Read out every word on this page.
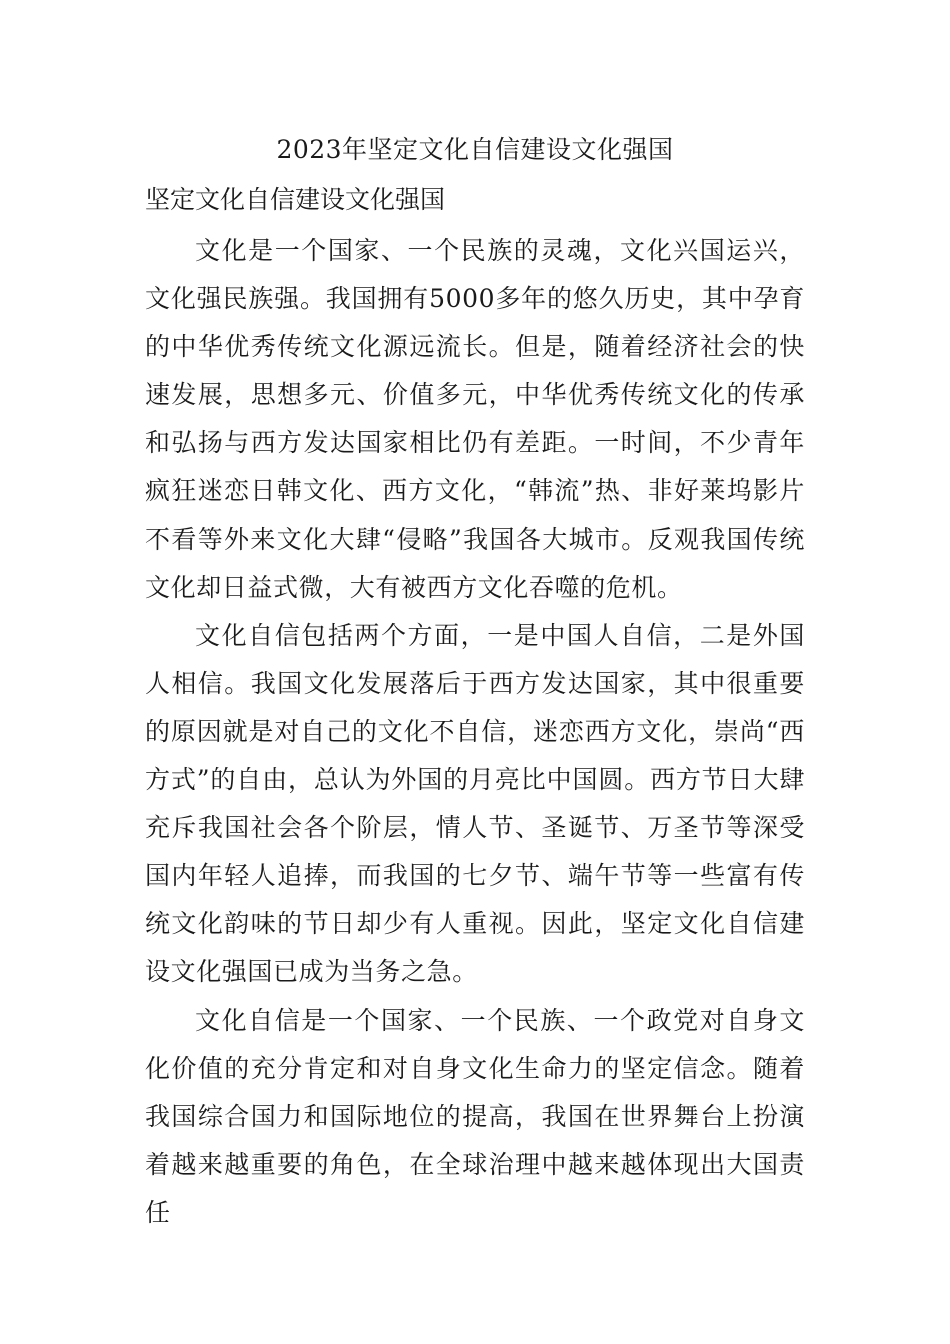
2023年坚定文化自信建设文化强国
坚定文化自信建设文化强国

文化是一个国家、一个民族的灵魂，文化兴国运兴，文化强民族强。我国拥有5000多年的悠久历史，其中孕育的中华优秀传统文化源远流长。但是，随着经济社会的快速发展，思想多元、价值多元，中华优秀传统文化的传承和弘扬与西方发达国家相比仍有差距。一时间，不少青年疯狂迷恋日韩文化、西方文化，“韩流”热、非好莱坞影片不看等外来文化大肆“侵略”我国各大城市。反观我国传统文化却日益式微，大有被西方文化吞噬的危机。

文化自信包括两个方面，一是中国人自信，二是外国人相信。我国文化发展落后于西方发达国家，其中很重要的原因就是对自己的文化不自信，迷恋西方文化，崇尚“西方式”的自由，总认为外国的月亮比中国圆。西方节日大肆充斥我国社会各个阶层，情人节、圣诞节、万圣节等深受国内年轻人追捧，而我国的七夕节、端午节等一些富有传统文化韵味的节日却少有人重视。因此，坚定文化自信建设文化强国已成为当务之急。

文化自信是一个国家、一个民族、一个政党对自身文化价值的充分肯定和对自身文化生命力的坚定信念。随着我国综合国力和国际地位的提高，我国在世界舞台上扮演着越来越重要的角色，在全球治理中越来越体现出大国责任
